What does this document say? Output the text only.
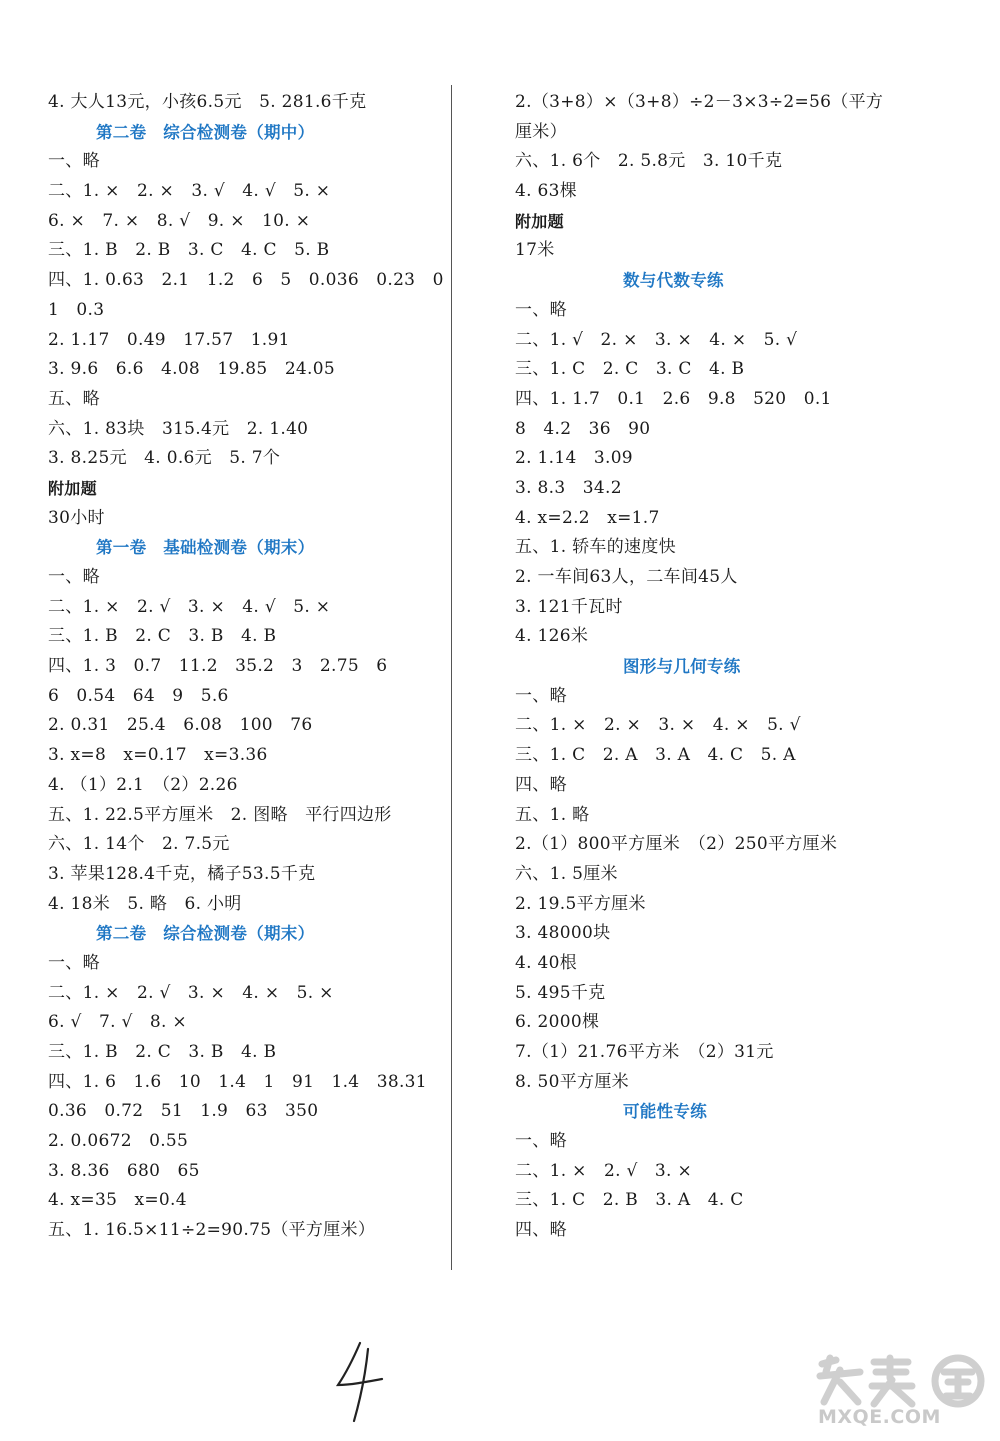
4. 大人13元，小孩6.5元　5. 281.6千克
第二卷　综合检测卷（期中）
一、略
二、1. ×　2. ×　3. √　4. √　5. ×
6. ×　7. ×　8. √　9. ×　10. ×
三、1. B　2. B　3. C　4. C　5. B
四、1. 0.63　2.1　1.2　6　5　0.036　0.23　0
1　0.3
2. 1.17　0.49　17.57　1.91
3. 9.6　6.6　4.08　19.85　24.05
五、略
六、1. 83块　315.4元　2. 1.40
3. 8.25元　4. 0.6元　5. 7个
附加题
30小时
第一卷　基础检测卷（期末）
一、略
二、1. ×　2. √　3. ×　4. √　5. ×
三、1. B　2. C　3. B　4. B
四、1. 3　0.7　11.2　35.2　3　2.75　6
6　0.54　64　9　5.6
2. 0.31　25.4　6.08　100　76
3. x=8　x=0.17　x=3.36
4. （1）2.1　（2）2.26
五、1. 22.5平方厘米　2. 图略　平行四边形
六、1. 14个　2. 7.5元
3. 苹果128.4千克，橘子53.5千克
4. 18米　5. 略　6. 小明
第二卷　综合检测卷（期末）
一、略
二、1. ×　2. √　3. ×　4. ×　5. ×
6. √　7. √　8. ×
三、1. B　2. C　3. B　4. B
四、1. 6　1.6　10　1.4　1　91　1.4　38.31
0.36　0.72　51　1.9　63　350
2. 0.0672　0.55
3. 8.36　680　65
4. x=35　x=0.4
五、1. 16.5×11÷2=90.75（平方厘米）
2.（3+8）×（3+8）÷2－3×3÷2=56（平方
厘米）
六、1. 6个　2. 5.8元　3. 10千克
4. 63棵
附加题
17米
数与代数专练
一、略
二、1. √　2. ×　3. ×　4. ×　5. √
三、1. C　2. C　3. C　4. B
四、1. 1.7　0.1　2.6　9.8　520　0.1
8　4.2　36　90
2. 1.14　3.09
3. 8.3　34.2
4. x=2.2　x=1.7
五、1. 轿车的速度快
2. 一车间63人，二车间45人
3. 121千瓦时
4. 126米
图形与几何专练
一、略
二、1. ×　2. ×　3. ×　4. ×　5. √
三、1. C　2. A　3. A　4. C　5. A
四、略
五、1. 略
2.（1）800平方厘米　（2）250平方厘米
六、1. 5厘米
2. 19.5平方厘米
3. 48000块
4. 40根
5. 495千克
6. 2000棵
7.（1）21.76平方米　（2）31元
8. 50平方厘米
可能性专练
一、略
二、1. ×　2. √　3. ×
三、1. C　2. B　3. A　4. C
四、略
MXQE.COM
